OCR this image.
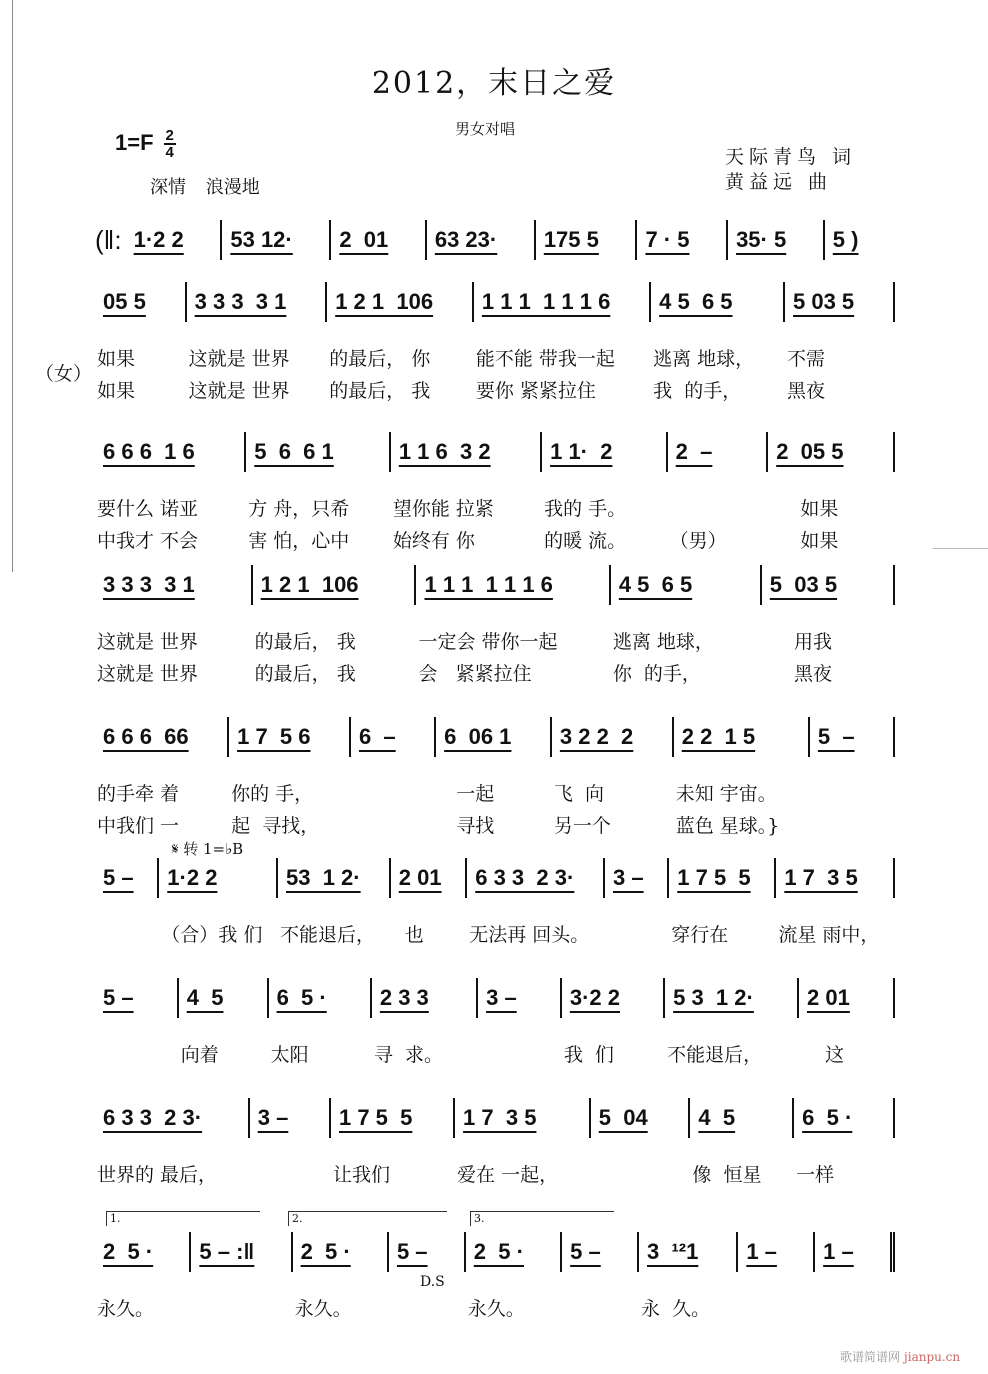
2012，末日之爱
$1=F \frac{2}{4}$	男女对唱
深情 浪漫地
天际青鸟 词
黄益远 曲
𝄋 转 1=♭B
1.	2.	3.
D.S
(‖: 1·2 2	53 12·	2  01	63 23·	175 5	7 · 5	35· 5	5 )
（女）
05 5
如果
如果
3 3 3  3 1
这就是 世界
这就是 世界
1 2 1  106
的最后， 你
的最后， 我
1 1 1  1 1 1 6
能不能 带我一起
要你 紧紧拉住
4 5  6 5
逃离 地球，
我  的手，
5 03 5
不需
黑夜
6 6 6  1 6
要什么 诺亚
中我才 不会
5  6  6 1
方 舟，只希
害 怕，心中
1 1 6  3 2
望你能 拉紧
始终有 你
1 1·  2
我的 手。
的暖 流。
2  –
（男）
2  05 5
如果
如果
3 3 3  3 1
这就是 世界
这就是 世界
1 2 1  106
的最后， 我
的最后， 我
1 1 1  1 1 1 6
一定会 带你一起
会   紧紧拉住
4 5  6 5
逃离 地球，
你  的手，
5  03 5
用我
黑夜
6 6 6  66
的手牵 着
中我们 一
1 7  5 6
你的 手，
起  寻找，
6  –	6  06 1
一起
寻找
3 2 2  2
飞  向
另一个
2 2  1 5
未知 宇宙。
蓝色 星球。}
5  –
5 –	1·2 2
（合）我 们
53  1 2·
不能退后，
2 01
也
6 3 3  2 3·
无法再 回头。
3 –	1 7 5  5
穿行在
1 7  3 5
流星 雨中，
5 –	4  5
向着
6  5 ·
太阳
2 3 3
寻  求。
3 –	3·2 2
我  们
5 3  1 2·
不能退后，
2 01
这
6 3 3  2 3·
世界的 最后，
3 –	1 7 5  5
让我们
1 7  3 5
爱在 一起，
5  04	4  5
像  恒星
6  5 ·
一样
2  5 ·
永久。
5 – :‖	2  5 ·
永久。
5 –	2  5 ·
永久。
5 –	3  ¹²1
永  久。
1 –	1 –
歌谱简谱网 jianpu.cn
